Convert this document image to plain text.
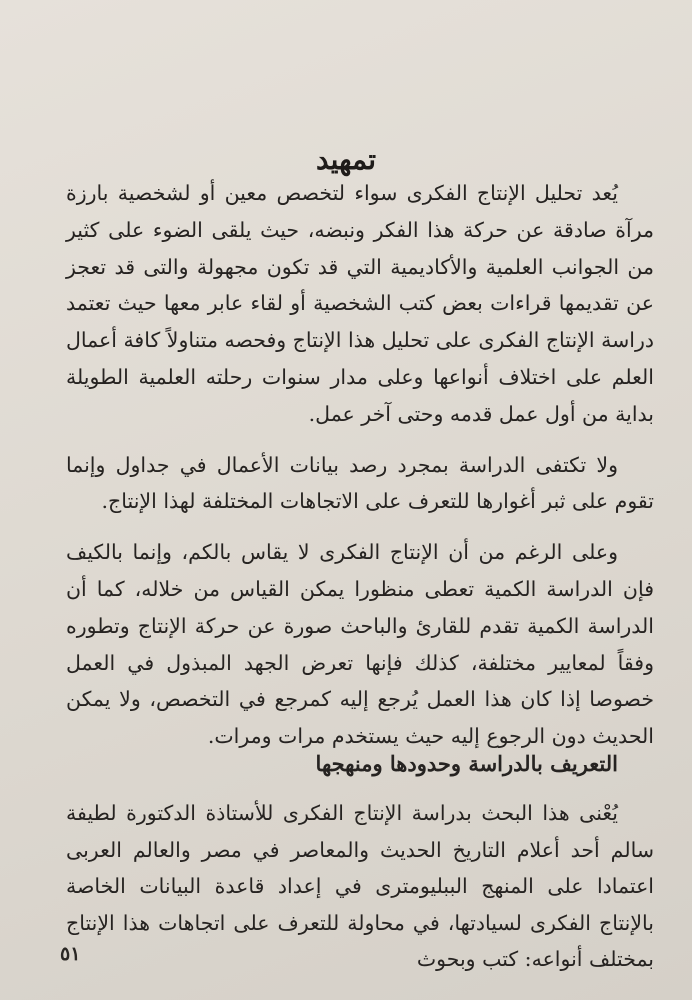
تمهيد

يُعد تحليل الإنتاج الفكرى سواء لتخصص معين أو لشخصية بارزة مرآة صادقة عن حركة هذا الفكر ونبضه، حيث يلقى الضوء على كثير من الجوانب العلمية والأكاديمية التي قد تكون مجهولة والتى قد تعجز عن تقديمها قراءات بعض كتب الشخصية أو لقاء عابر معها حيث تعتمد دراسة الإنتاج الفكرى على تحليل هذا الإنتاج وفحصه متناولاً كافة أعمال العلم على اختلاف أنواعها وعلى مدار سنوات رحلته العلمية الطويلة بداية من أول عمل قدمه وحتى آخر عمل.

ولا تكتفى الدراسة بمجرد رصد بيانات الأعمال في جداول وإنما تقوم على ثبر أغوارها للتعرف على الاتجاهات المختلفة لهذا الإنتاج.

وعلى الرغم من أن الإنتاج الفكرى لا يقاس بالكم، وإنما بالكيف فإن الدراسة الكمية تعطى منظورا يمكن القياس من خلاله، كما أن الدراسة الكمية تقدم للقارئ والباحث صورة عن حركة الإنتاج وتطوره وفقاً لمعايير مختلفة، كذلك فإنها تعرض الجهد المبذول في العمل خصوصا إذا كان هذا العمل يُرجع إليه كمرجع في التخصص، ولا يمكن الحديث دون الرجوع إليه حيث يستخدم مرات ومرات.

التعريف بالدراسة وحدودها ومنهجها

يُعْنى هذا البحث بدراسة الإنتاج الفكرى للأستاذة الدكتورة لطيفة سالم أحد أعلام التاريخ الحديث والمعاصر في مصر والعالم العربى اعتمادا على المنهج الببليومترى في إعداد قاعدة البيانات الخاصة بالإنتاج الفكرى لسيادتها، في محاولة للتعرف على اتجاهات هذا الإنتاج بمختلف أنواعه: كتب وبحوث

٥١
